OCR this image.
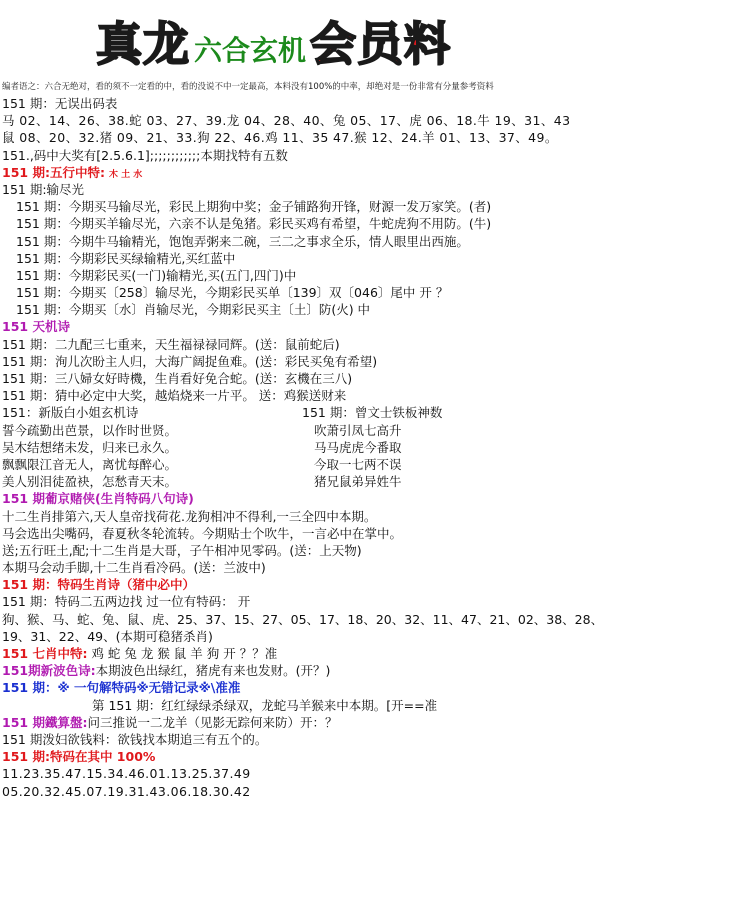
真龙 六合玄机 会员料
编者语之：六合无绝对，看的须不一定看的中，看的没说不中一定最高，本料没有100%的中率，却绝对是一份非常有分量参考资料
151 期：无误出码表
马 02、14、26、38.蛇 03、27、39.龙 04、28、40、兔 05、17、虎 06、18.牛 19、31、43
鼠 08、20、32.猪 09、21、33.狗 22、46.鸡 11、35 47.猴 12、24.羊 01、13、37、49。
151.,码中大奖有[2.5.6.1];;;;;;;;;;;;本期找特有五数
151 期:五行中特: 木 土 水
151 期:输尽光
151 期：今期买马输尽光，彩民上期狗中奖；金子铺路狗开锋，财源一发万家笑。(者)
151 期：今期买羊输尽光，六亲不认是兔猪。彩民买鸡有希望，牛蛇虎狗不用防。(牛)
151 期：今期牛马输精光，饱饱弄粥来二碗，三二之事求全乐，情人眼里出西施。
151 期：今期彩民买绿输精光,买红蓝中
151 期：今期彩民买(一门)输精光,买(五门,四门)中
151 期：今期买〔258〕输尽光，今期彩民买单〔139〕双〔046〕尾中 开 ？
151 期：今期买〔水〕肖输尽光，今期彩民买主〔土〕防(火) 中
151 天机诗
151 期：二九配三七重来，天生福禄禄同辉。(送：鼠前蛇后)
151 期：洵儿次盼主人归，大海广阔捉鱼难。(送：彩民买兔有希望)
151 期：三八婦女好時機，生肖看好免合蛇。(送：玄機在三八)
151 期：猜中必定中大奖，越焰烧来一片平。 送：鸡猴送财来
151：新版白小姐玄机诗	151 期：曾文士铁板神数
誓今疏勤出芭景，以作时世贤。	吹萧引凤七高升
吴木结想绪未发，归来已永久。	马马虎虎今番取
飘飘限江音无人，离忧每醉心。	今取一七两不误
美人别泪徒盈袂，怎愁青天末。	猪兄鼠弟异姓牛
151 期葡京赌侠(生肖特码八句诗)
十二生肖排第六,天人皇帝找荷花.龙狗相冲不得利,一三全四中本期。
马会选出尖嘴码，春夏秋冬轮流转。今期贴士个吹牛，一言必中在掌中。
送;五行旺土,配;十二生肖是大哥，子午相冲见零码。(送：上天物)
本期马会动手脚,十二生肖看冷码。(送：兰波中)
151 期：特码生肖诗（猪中必中）
151 期：特码二五两边找 过一位有特码： 开
狗、猴、马、蛇、兔、鼠、虎、25、37、15、27、05、17、18、20、32、11、47、21、02、38、28、
19、31、22、49、(本期可稳猪杀肖)
151 七肖中特: 鸡 蛇 兔 龙 猴 鼠 羊 狗 开 ？？准
151期新波色诗:本期波色出绿红，猪虎有来也发财。(开？)
151 期：※ 一句解特码※无错记录※\准准
第 151 期：红红绿绿杀绿双，龙蛇马羊猴来中本期。[开==准
151 期鐵算盤:问三推说一二龙羊（见影无踪何来防）开：？
151 期泼妇欲钱料：欲钱找本期追三有五个的。
151 期:特码在其中 100%
11.23.35.47.15.34.46.01.13.25.37.49
05.20.32.45.07.19.31.43.06.18.30.42
